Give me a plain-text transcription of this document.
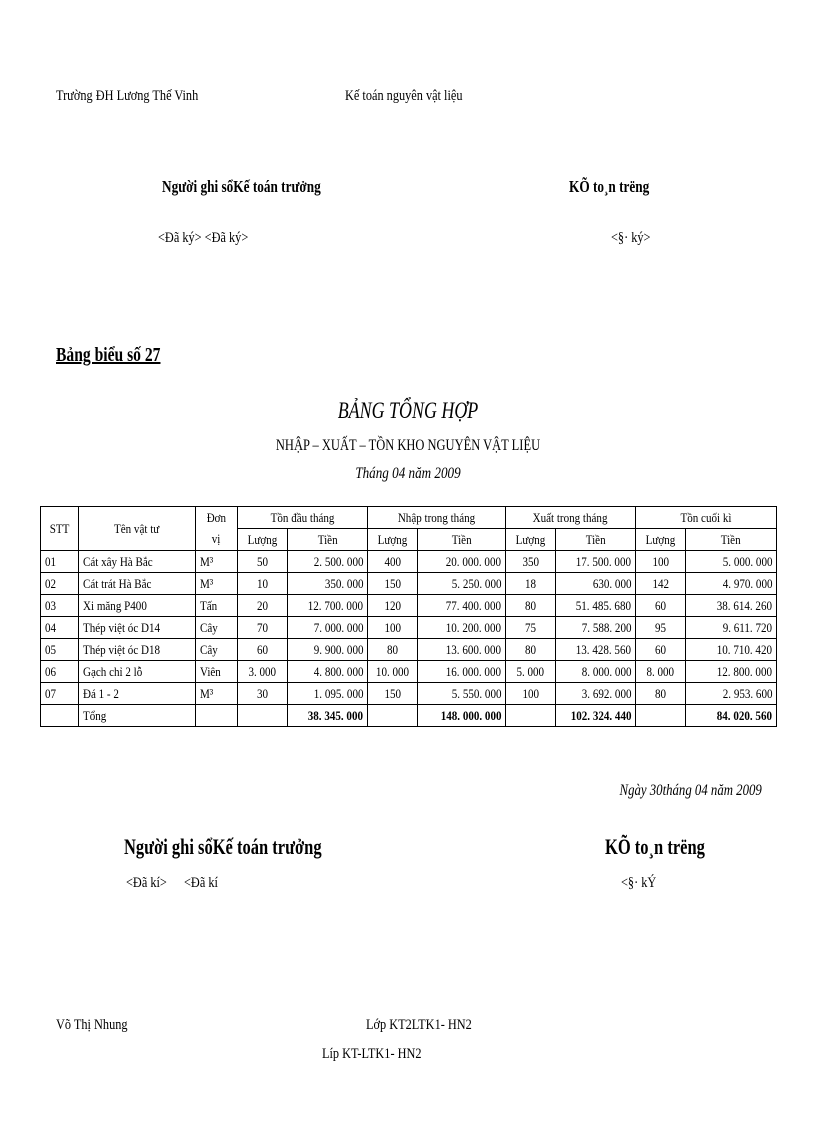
Trường ĐH Lương Thế Vinh	Kế toán nguyên vật liệu
Người ghi sổKế toán trưởng	KÕ to¸n trëng
<Đã ký> <Đã ký>	<§· ký>
Bảng biểu số 27
BẢNG TỔNG HỢP
NHẬP – XUẤT – TỒN KHO NGUYÊN VẬT LIỆU
Tháng 04 năm 2009
STT	Tên vật tư	Đơn	Tồn đầu tháng		Nhập trong tháng		Xuất trong tháng		Tồn cuối kì	
		vị	Lượng	Tiền	Lượng	Tiền	Lượng	Tiền	Lượng	Tiền
01	Cát xây Hà Bắc	M³	50	2. 500. 000	400	20. 000. 000	350	17. 500. 000	100	5. 000. 000
02	Cát trát Hà Bắc	M³	10	350. 000	150	5. 250. 000	18	630. 000	142	4. 970. 000
03	Xi măng P400	Tấn	20	12. 700. 000	120	77. 400. 000	80	51. 485. 680	60	38. 614. 260
04	Thép việt óc D14	Cây	70	7. 000. 000	100	10. 200. 000	75	7. 588. 200	95	9. 611. 720
05	Thép việt óc D18	Cây	60	9. 900. 000	80	13. 600. 000	80	13. 428. 560	60	10. 710. 420
06	Gạch chỉ 2 lỗ	Viên	3. 000	4. 800. 000	10. 000	16. 000. 000	5. 000	8. 000. 000	8. 000	12. 800. 000
07	Đá 1 - 2	M³	30	1. 095. 000	150	5. 550. 000	100	3. 692. 000	80	2. 953. 600
	Tổng			38. 345. 000		148. 000. 000		102. 324. 440		84. 020. 560
Ngày 30tháng 04 năm 2009
Người ghi sổKế toán trưởng	KÕ to¸n trëng
<Đã kí> <Đã kí	<§· kÝ
Võ Thị Nhung	Lớp KT2LTK1- HN2
Líp KT-LTK1- HN2
